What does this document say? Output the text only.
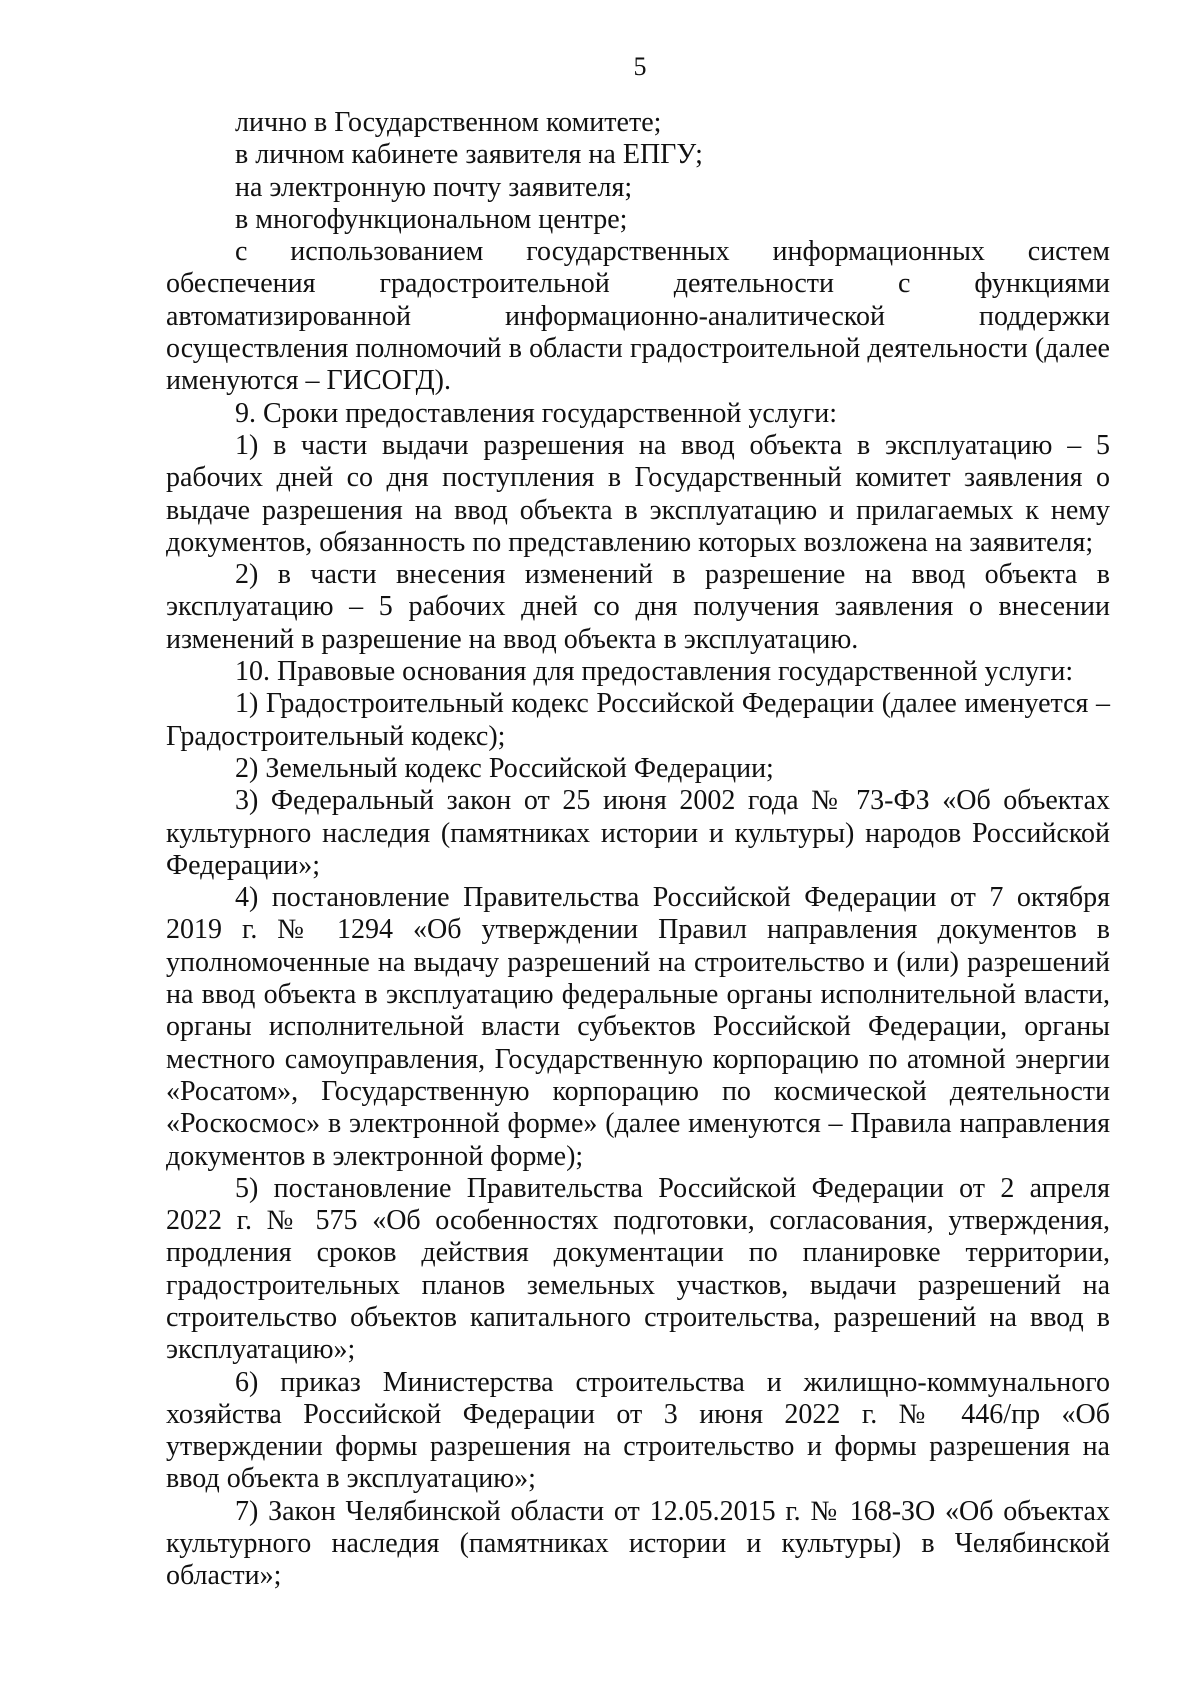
5

лично в Государственном комитете;

в личном кабинете заявителя на ЕПГУ;

на электронную почту заявителя;

в многофункциональном центре;

с использованием государственных информационных систем обеспечения градостроительной деятельности с функциями автоматизированной информационно-аналитической поддержки осуществления полномочий в области градостроительной деятельности (далее именуются – ГИСОГД).

9. Сроки предоставления государственной услуги:

1) в части выдачи разрешения на ввод объекта в эксплуатацию – 5 рабочих дней со дня поступления в Государственный комитет заявления о выдаче разрешения на ввод объекта в эксплуатацию и прилагаемых к нему документов, обязанность по представлению которых возложена на заявителя;

2) в части внесения изменений в разрешение на ввод объекта в эксплуатацию – 5 рабочих дней со дня получения заявления о внесении изменений в разрешение на ввод объекта в эксплуатацию.

10. Правовые основания для предоставления государственной услуги:

1) Градостроительный кодекс Российской Федерации (далее именуется – Градостроительный кодекс);

2) Земельный кодекс Российской Федерации;

3) Федеральный закон от 25 июня 2002 года № 73-ФЗ «Об объектах культурного наследия (памятниках истории и культуры) народов Российской Федерации»;

4) постановление Правительства Российской Федерации от 7 октября 2019 г. № 1294 «Об утверждении Правил направления документов в уполномоченные на выдачу разрешений на строительство и (или) разрешений на ввод объекта в эксплуатацию федеральные органы исполнительной власти, органы исполнительной власти субъектов Российской Федерации, органы местного самоуправления, Государственную корпорацию по атомной энергии «Росатом», Государственную корпорацию по космической деятельности «Роскосмос» в электронной форме» (далее именуются – Правила направления документов в электронной форме);

5) постановление Правительства Российской Федерации от 2 апреля 2022 г. № 575 «Об особенностях подготовки, согласования, утверждения, продления сроков действия документации по планировке территории, градостроительных планов земельных участков, выдачи разрешений на строительство объектов капитального строительства, разрешений на ввод в эксплуатацию»;

6) приказ Министерства строительства и жилищно-коммунального хозяйства Российской Федерации от 3 июня 2022 г. № 446/пр «Об утверждении формы разрешения на строительство и формы разрешения на ввод объекта в эксплуатацию»;

7) Закон Челябинской области от 12.05.2015 г. № 168-ЗО «Об объектах культурного наследия (памятниках истории и культуры) в Челябинской области»;
